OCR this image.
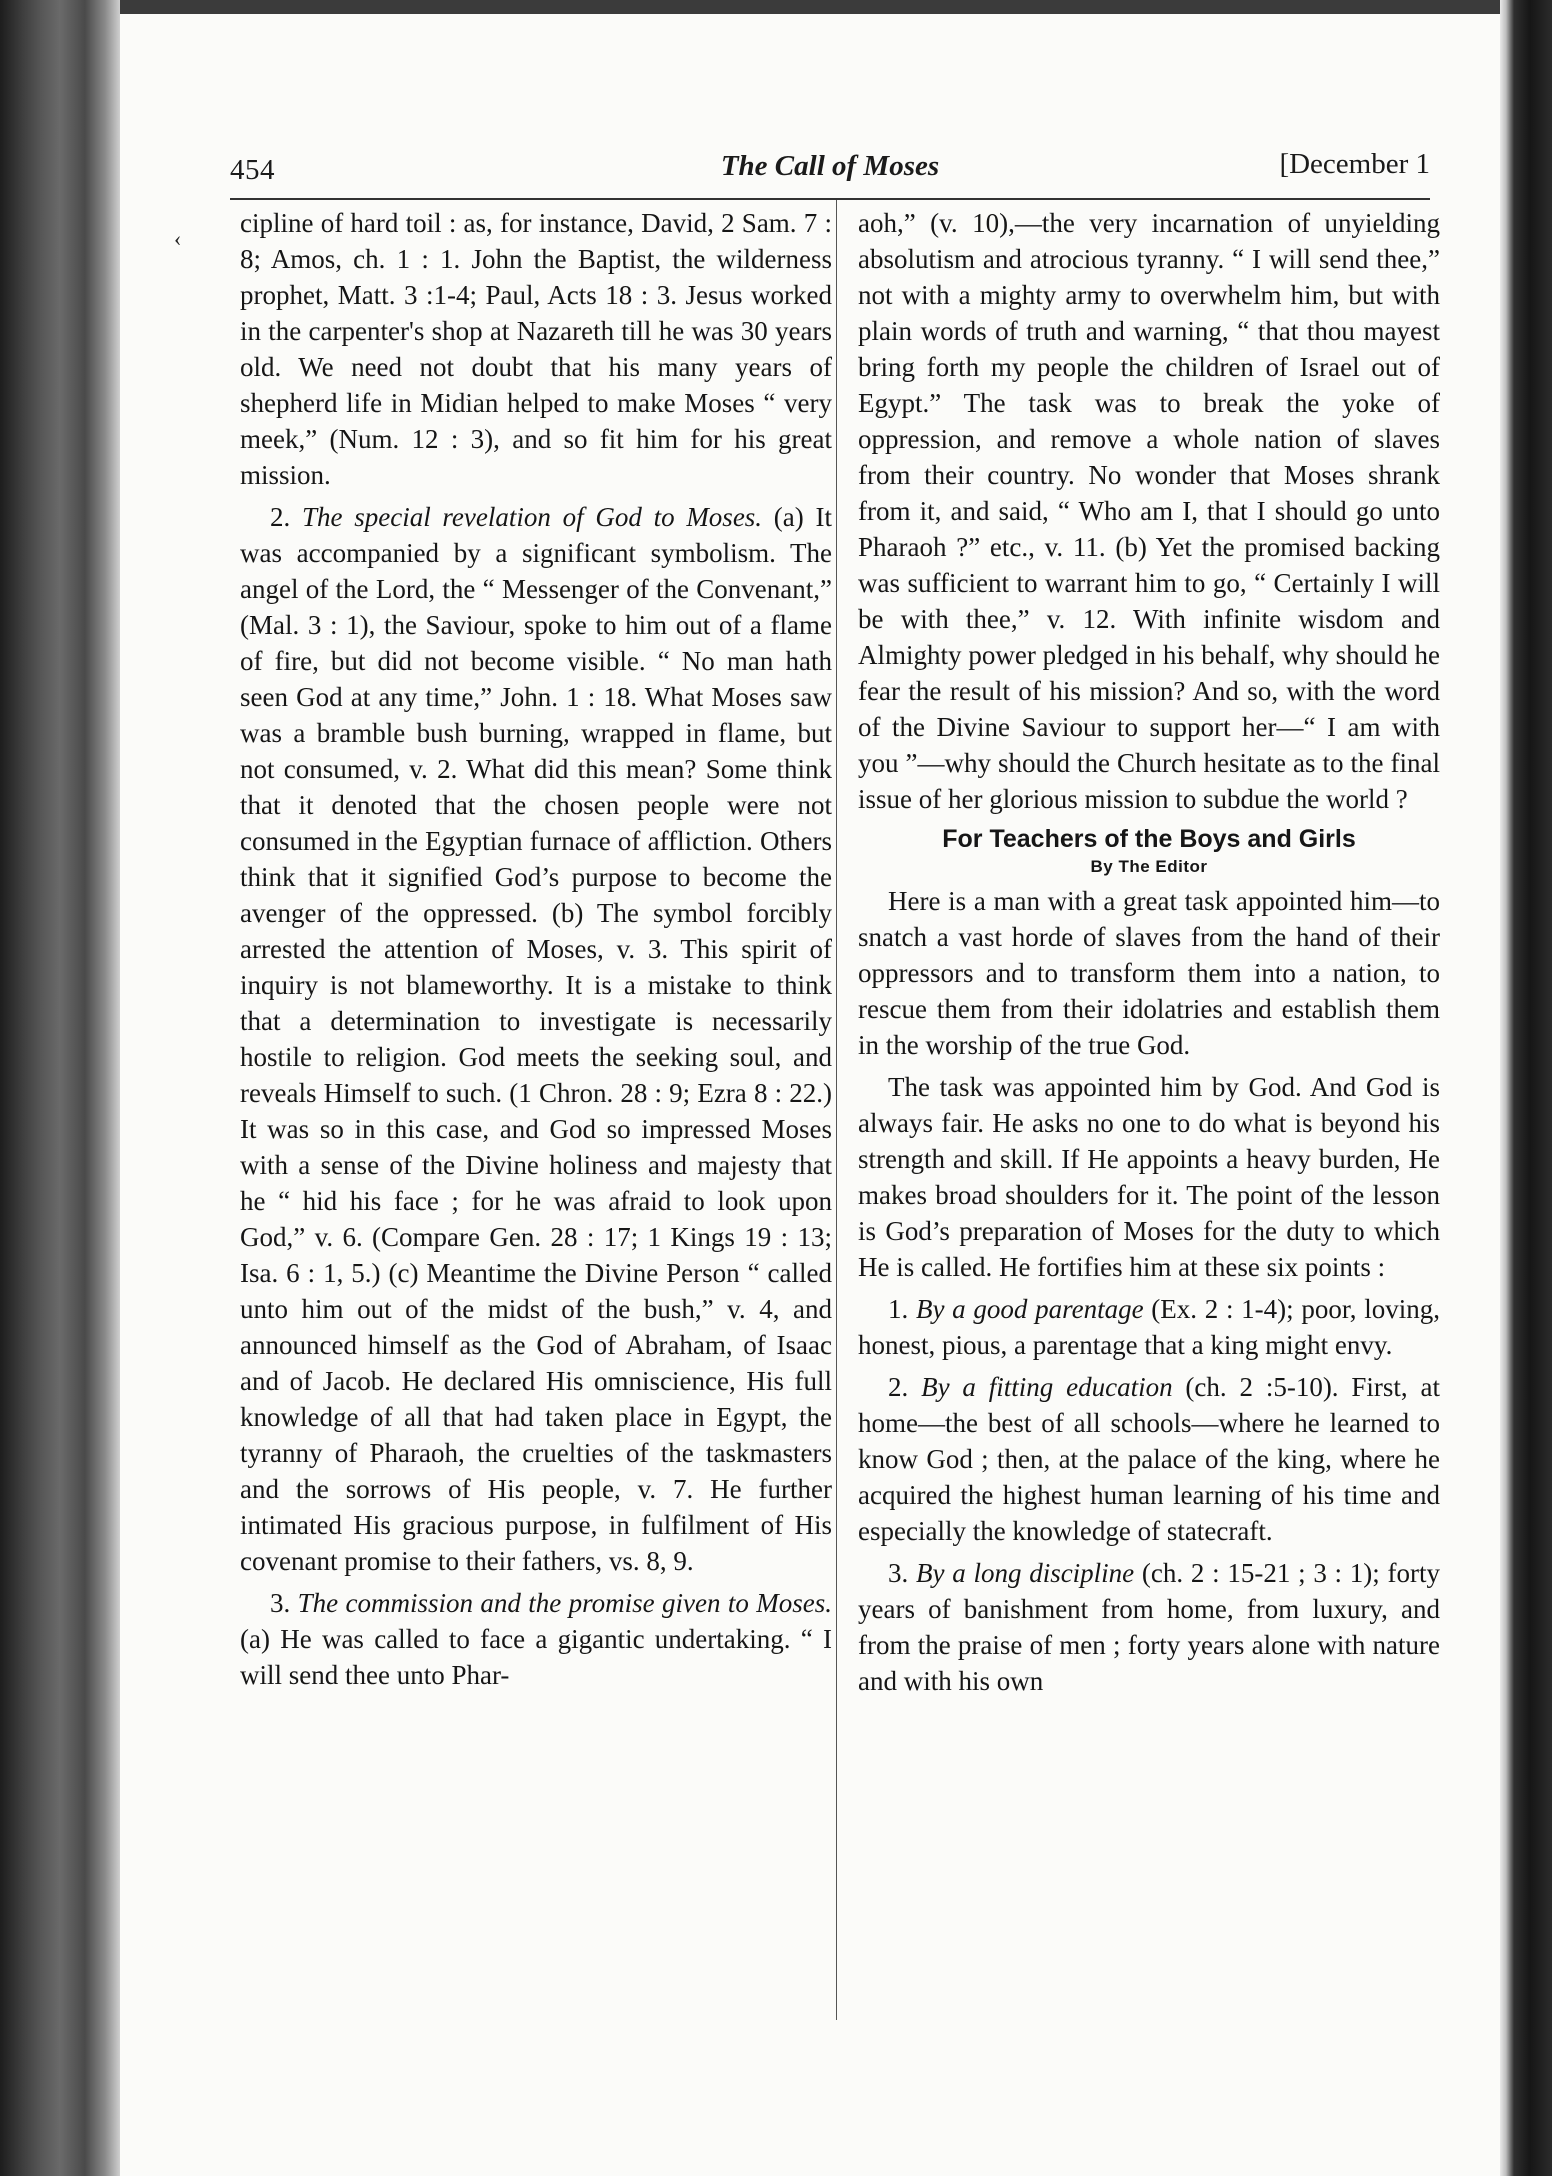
‹
454	The Call of Moses	[December 1

cipline of hard toil : as, for instance, David, 2 Sam. 7 : 8; Amos, ch. 1 : 1. John the Baptist, the wilderness prophet, Matt. 3 :1-4; Paul, Acts 18 : 3. Jesus worked in the carpenter's shop at Nazareth till he was 30 years old. We need not doubt that his many years of shepherd life in Midian helped to make Moses “ very meek,” (Num. 12 : 3), and so fit him for his great mission.

2. The special revelation of God to Moses. (a) It was accompanied by a significant symbolism. The angel of the Lord, the “ Messenger of the Convenant,” (Mal. 3 : 1), the Saviour, spoke to him out of a flame of fire, but did not become visible. “ No man hath seen God at any time,” John. 1 : 18. What Moses saw was a bramble bush burning, wrapped in flame, but not consumed, v. 2. What did this mean? Some think that it denoted that the chosen people were not consumed in the Egyptian furnace of affliction. Others think that it signified God’s purpose to become the avenger of the oppressed. (b) The symbol forcibly arrested the attention of Moses, v. 3. This spirit of inquiry is not blameworthy. It is a mistake to think that a determination to investigate is necessarily hostile to religion. God meets the seeking soul, and reveals Himself to such. (1 Chron. 28 : 9; Ezra 8 : 22.) It was so in this case, and God so impressed Moses with a sense of the Divine holiness and majesty that he “ hid his face ; for he was afraid to look upon God,” v. 6. (Compare Gen. 28 : 17; 1 Kings 19 : 13; Isa. 6 : 1, 5.) (c) Meantime the Divine Person “ called unto him out of the midst of the bush,” v. 4, and announced himself as the God of Abraham, of Isaac and of Jacob. He declared His omniscience, His full knowledge of all that had taken place in Egypt, the tyranny of Pharaoh, the cruelties of the taskmasters and the sorrows of His people, v. 7. He further intimated His gracious purpose, in fulfilment of His covenant promise to their fathers, vs. 8, 9.

3. The commission and the promise given to Moses. (a) He was called to face a gigantic undertaking. “ I will send thee unto Phar-

aoh,” (v. 10),—the very incarnation of unyielding absolutism and atrocious tyranny. “ I will send thee,” not with a mighty army to overwhelm him, but with plain words of truth and warning, “ that thou mayest bring forth my people the children of Israel out of Egypt.” The task was to break the yoke of oppression, and remove a whole nation of slaves from their country. No wonder that Moses shrank from it, and said, “ Who am I, that I should go unto Pharaoh ?” etc., v. 11. (b) Yet the promised backing was sufficient to warrant him to go, “ Certainly I will be with thee,” v. 12. With infinite wisdom and Almighty power pledged in his behalf, why should he fear the result of his mission? And so, with the word of the Divine Saviour to support her—“ I am with you ”—why should the Church hesitate as to the final issue of her glorious mission to subdue the world ?

For Teachers of the Boys and Girls
By The Editor

Here is a man with a great task appointed him—to snatch a vast horde of slaves from the hand of their oppressors and to transform them into a nation, to rescue them from their idolatries and establish them in the worship of the true God.

The task was appointed him by God. And God is always fair. He asks no one to do what is beyond his strength and skill. If He appoints a heavy burden, He makes broad shoulders for it. The point of the lesson is God’s preparation of Moses for the duty to which He is called. He fortifies him at these six points :

1. By a good parentage (Ex. 2 : 1-4); poor, loving, honest, pious, a parentage that a king might envy.

2. By a fitting education (ch. 2 :5-10). First, at home—the best of all schools—where he learned to know God ; then, at the palace of the king, where he acquired the highest human learning of his time and especially the knowledge of statecraft.

3. By a long discipline (ch. 2 : 15-21 ; 3 : 1); forty years of banishment from home, from luxury, and from the praise of men ; forty years alone with nature and with his own
